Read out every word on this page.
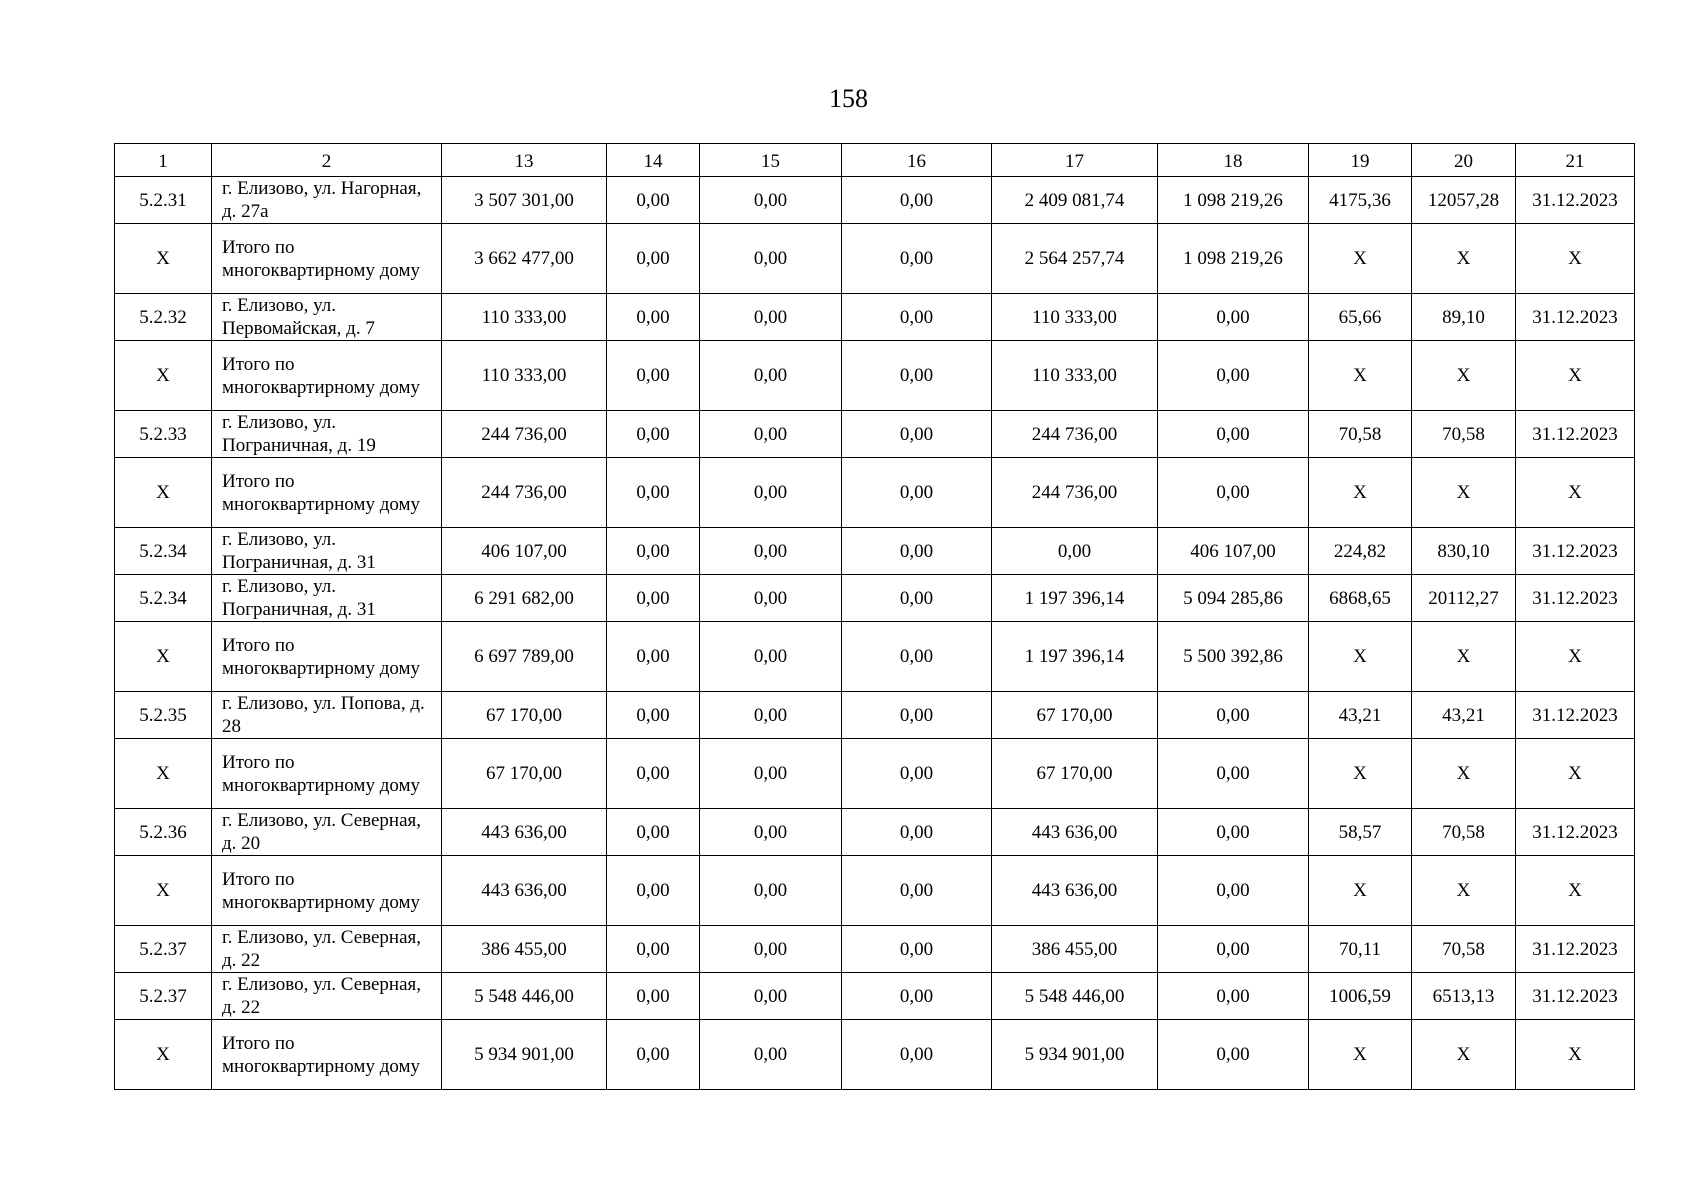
158
1	2	13	14	15	16	17	18	19	20	21
5.2.31	г. Елизово, ул. Нагорная, д. 27а	3 507 301,00	0,00	0,00	0,00	2 409 081,74	1 098 219,26	4175,36	12057,28	31.12.2023
X	Итого по многоквартирному дому	3 662 477,00	0,00	0,00	0,00	2 564 257,74	1 098 219,26	X	X	X
5.2.32	г. Елизово, ул. Первомайская, д. 7	110 333,00	0,00	0,00	0,00	110 333,00	0,00	65,66	89,10	31.12.2023
X	Итого по многоквартирному дому	110 333,00	0,00	0,00	0,00	110 333,00	0,00	X	X	X
5.2.33	г. Елизово, ул. Пограничная, д. 19	244 736,00	0,00	0,00	0,00	244 736,00	0,00	70,58	70,58	31.12.2023
X	Итого по многоквартирному дому	244 736,00	0,00	0,00	0,00	244 736,00	0,00	X	X	X
5.2.34	г. Елизово, ул. Пограничная, д. 31	406 107,00	0,00	0,00	0,00	0,00	406 107,00	224,82	830,10	31.12.2023
5.2.34	г. Елизово, ул. Пограничная, д. 31	6 291 682,00	0,00	0,00	0,00	1 197 396,14	5 094 285,86	6868,65	20112,27	31.12.2023
X	Итого по многоквартирному дому	6 697 789,00	0,00	0,00	0,00	1 197 396,14	5 500 392,86	X	X	X
5.2.35	г. Елизово, ул. Попова, д. 28	67 170,00	0,00	0,00	0,00	67 170,00	0,00	43,21	43,21	31.12.2023
X	Итого по многоквартирному дому	67 170,00	0,00	0,00	0,00	67 170,00	0,00	X	X	X
5.2.36	г. Елизово, ул. Северная, д. 20	443 636,00	0,00	0,00	0,00	443 636,00	0,00	58,57	70,58	31.12.2023
X	Итого по многоквартирному дому	443 636,00	0,00	0,00	0,00	443 636,00	0,00	X	X	X
5.2.37	г. Елизово, ул. Северная, д. 22	386 455,00	0,00	0,00	0,00	386 455,00	0,00	70,11	70,58	31.12.2023
5.2.37	г. Елизово, ул. Северная, д. 22	5 548 446,00	0,00	0,00	0,00	5 548 446,00	0,00	1006,59	6513,13	31.12.2023
X	Итого по многоквартирному дому	5 934 901,00	0,00	0,00	0,00	5 934 901,00	0,00	X	X	X
